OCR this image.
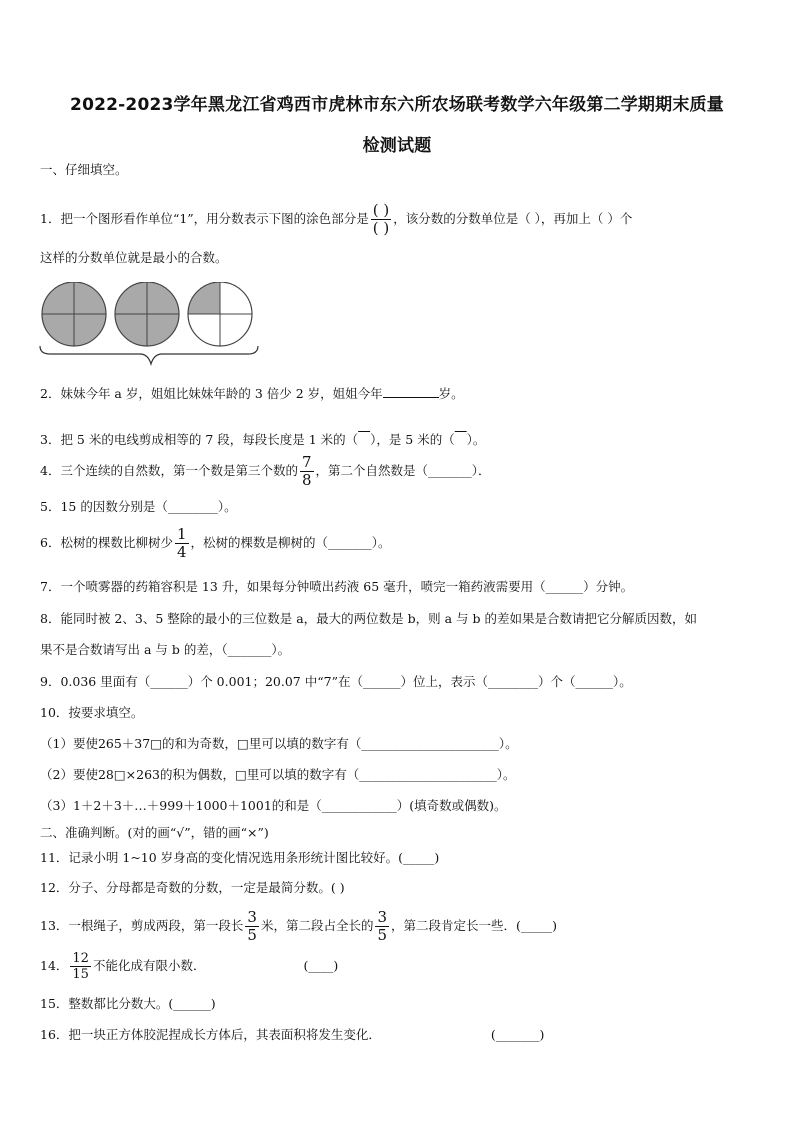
2022-2023学年黑龙江省鸡西市虎林市东六所农场联考数学六年级第二学期期末质量
检测试题
一、仔细填空。
1．把一个图形看作单位“1”，用分数表示下图的涂色部分是 $\frac{( )}{( )}$ ，该分数的分数单位是（ ），再加上（ ）个
这样的分数单位就是最小的合数。
2．妹妹今年 a 岁，姐姐比妹妹年龄的 3 倍少 2 岁，姐姐今年	岁。
3．把 5 米的电线剪成相等的 7 段，每段长度是 1 米的（ ），是 5 米的（ ）。
4．三个连续的自然数，第一个数是第三个数的 $\frac{7}{8}$ ，第二个自然数是（_______）．
5．15 的因数分别是（________）。
6．松树的棵数比柳树少 $\frac{1}{4}$ ，松树的棵数是柳树的（_______）。
7．一个喷雾器的药箱容积是 13 升，如果每分钟喷出药液 65 毫升，喷完一箱药液需要用（______）分钟。
8．能同时被 2、3、5 整除的最小的三位数是 a，最大的两位数是 b，则 a 与 b 的差如果是合数请把它分解质因数，如
果不是合数请写出 a 与 b 的差，（_______）。
9．0.036 里面有（______）个 0.001；20.07 中“7”在（______）位上，表示（________）个（______）。
10．按要求填空。
（1）要使265＋37□的和为奇数，□里可以填的数字有（______________________）。
（2）要使28□×263的积为偶数，□里可以填的数字有（______________________）。
（3）1＋2＋3＋…＋999＋1000＋1001的和是（____________）(填奇数或偶数)。
二、准确判断。(对的画“√”，错的画“×”)
11．记录小明 1~10 岁身高的变化情况选用条形统计图比较好。(_____)
12．分子、分母都是奇数的分数，一定是最简分数。( )
13．一根绳子，剪成两段，第一段长 $\frac{3}{5}$ 米，第二段占全长的 $\frac{3}{5}$ ，第二段肯定长一些．(_____)
14． $\frac{12}{15}$ 不能化成有限小数．	(____)
15．整数都比分数大。(______)
16．把一块正方体胶泥捏成长方体后，其表面积将发生变化．	(_______)
